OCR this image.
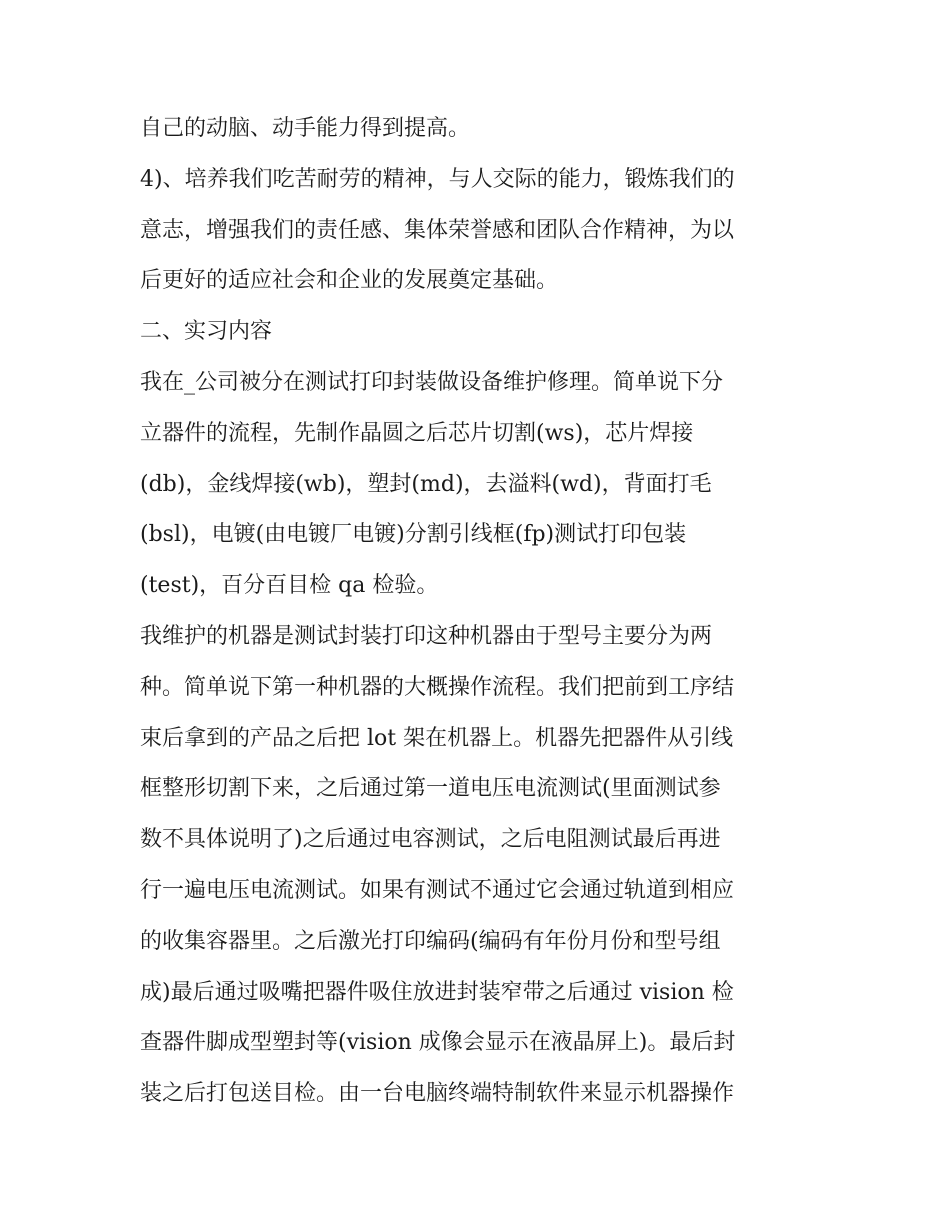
自己的动脑、动手能力得到提高。
4)、培养我们吃苦耐劳的精神，与人交际的能力，锻炼我们的
意志，增强我们的责任感、集体荣誉感和团队合作精神，为以
后更好的适应社会和企业的发展奠定基础。
二、实习内容
我在_公司被分在测试打印封装做设备维护修理。简单说下分
立器件的流程，先制作晶圆之后芯片切割(ws)，芯片焊接
(db)，金线焊接(wb)，塑封(md)，去溢料(wd)，背面打毛
(bsl)，电镀(由电镀厂电镀)分割引线框(fp)测试打印包装
(test)，百分百目检 qa 检验。
我维护的机器是测试封装打印这种机器由于型号主要分为两
种。简单说下第一种机器的大概操作流程。我们把前到工序结
束后拿到的产品之后把 lot 架在机器上。机器先把器件从引线
框整形切割下来，之后通过第一道电压电流测试(里面测试参
数不具体说明了)之后通过电容测试，之后电阻测试最后再进
行一遍电压电流测试。如果有测试不通过它会通过轨道到相应
的收集容器里。之后激光打印编码(编码有年份月份和型号组
成)最后通过吸嘴把器件吸住放进封装窄带之后通过 vision 检
查器件脚成型塑封等(vision 成像会显示在液晶屏上)。最后封
装之后打包送目检。由一台电脑终端特制软件来显示机器操作
